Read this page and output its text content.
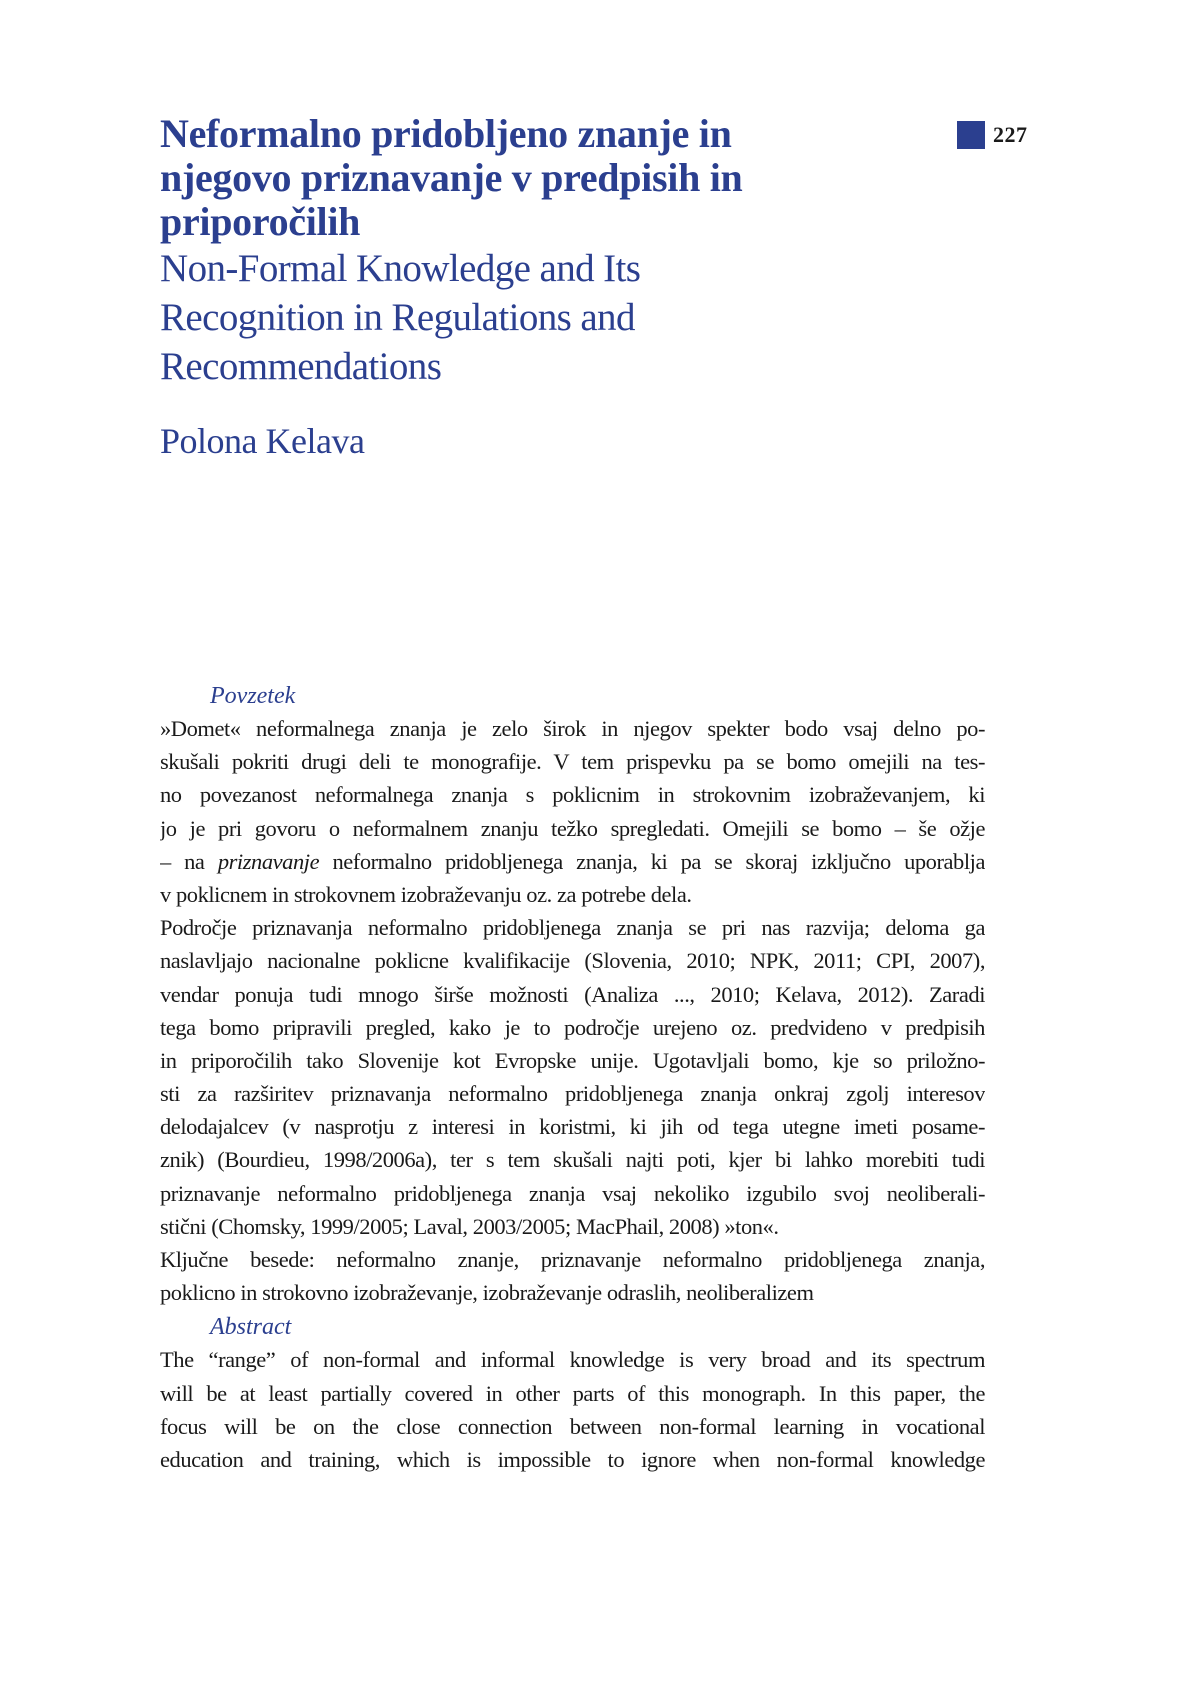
227
Neformalno pridobljeno znanje in
njegovo priznavanje v predpisih in
priporočilih
Non-Formal Knowledge and Its
Recognition in Regulations and
Recommendations
Polona Kelava
Povzetek
»Domet« neformalnega znanja je zelo širok in njegov spekter bodo vsaj delno po-
skušali pokriti drugi deli te monografije. V tem prispevku pa se bomo omejili na tes-
no povezanost neformalnega znanja s poklicnim in strokovnim izobraževanjem, ki
jo je pri govoru o neformalnem znanju težko spregledati. Omejili se bomo – še ožje
– na priznavanje neformalno pridobljenega znanja, ki pa se skoraj izključno uporablja
v poklicnem in strokovnem izobraževanju oz. za potrebe dela.
Področje priznavanja neformalno pridobljenega znanja se pri nas razvija; deloma ga
naslavljajo nacionalne poklicne kvalifikacije (Slovenia, 2010; NPK, 2011; CPI, 2007),
vendar ponuja tudi mnogo širše možnosti (Analiza ..., 2010; Kelava, 2012). Zaradi
tega bomo pripravili pregled, kako je to področje urejeno oz. predvideno v predpisih
in priporočilih tako Slovenije kot Evropske unije. Ugotavljali bomo, kje so priložno-
sti za razširitev priznavanja neformalno pridobljenega znanja onkraj zgolj interesov
delodajalcev (v nasprotju z interesi in koristmi, ki jih od tega utegne imeti posame-
znik) (Bourdieu, 1998/2006a), ter s tem skušali najti poti, kjer bi lahko morebiti tudi
priznavanje neformalno pridobljenega znanja vsaj nekoliko izgubilo svoj neoliberali-
stični (Chomsky, 1999/2005; Laval, 2003/2005; MacPhail, 2008) »ton«.
Ključne besede: neformalno znanje, priznavanje neformalno pridobljenega znanja,
poklicno in strokovno izobraževanje, izobraževanje odraslih, neoliberalizem
Abstract
The “range” of non-formal and informal knowledge is very broad and its spectrum
will be at least partially covered in other parts of this monograph. In this paper, the
focus will be on the close connection between non-formal learning in vocational
education and training, which is impossible to ignore when non-formal knowledge
